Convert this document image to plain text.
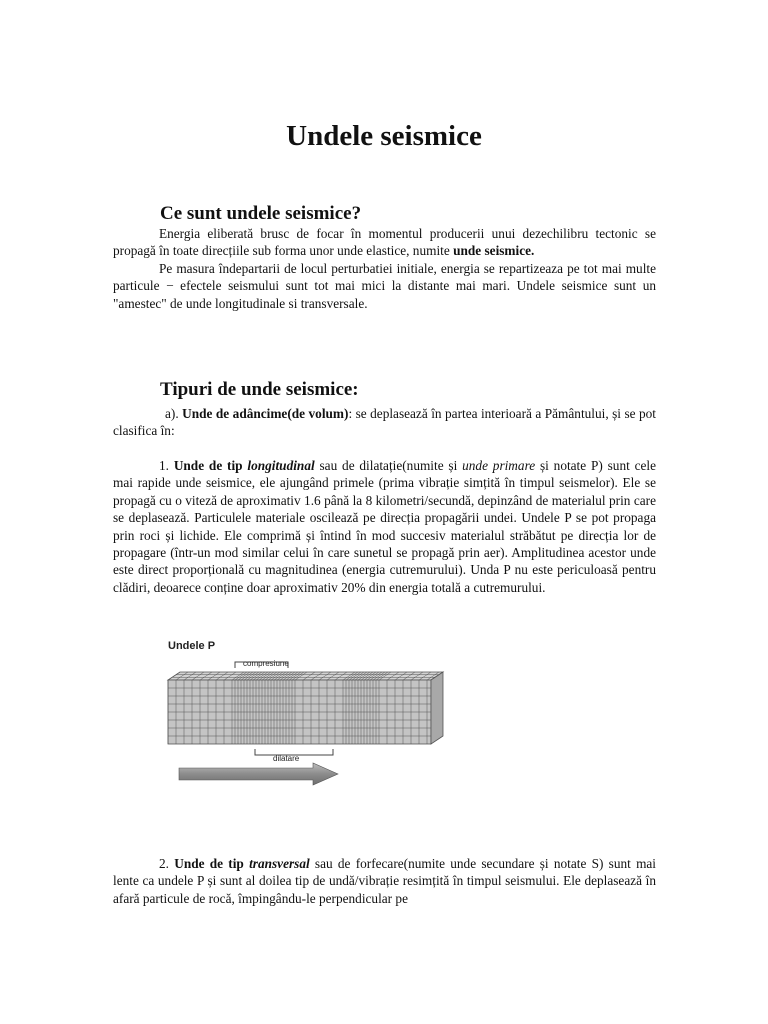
Undele seismice
Ce sunt undele seismice?

Energia eliberată brusc de focar în momentul producerii unui dezechilibru tectonic se propagă în toate direcțiile sub forma unor unde elastice, numite unde seismice.

Pe masura îndepartarii de locul perturbatiei initiale, energia se repartizeaza pe tot mai multe particule − efectele seismului sunt tot mai mici la distante mai mari. Undele seismice sunt un "amestec" de unde longitudinale si transversale.

Tipuri de unde seismice:

a). Unde de adâncime(de volum): se deplasează în partea interioară a Pământului, și se pot clasifica în:

1. Unde de tip longitudinal sau de dilatație(numite și unde primare și notate P) sunt cele mai rapide unde seismice, ele ajungând primele (prima vibrație simțită în timpul seismelor). Ele se propagă cu o viteză de aproximativ 1.6 până la 8 kilometri/secundă, depinzând de materialul prin care se deplasează. Particulele materiale oscilează pe direcția propagării undei. Undele P se pot propaga prin roci și lichide. Ele comprimă și întind în mod succesiv materialul străbătut pe direcția lor de propagare (într-un mod similar celui în care sunetul se propagă prin aer). Amplitudinea acestor unde este direct proporțională cu magnitudinea (energia cutremurului). Unda P nu este periculoasă pentru clădiri, deoarece conține doar aproximativ 20% din energia totală a cutremurului.

Undele P
compresiune
dilatare

2. Unde de tip transversal sau de forfecare(numite unde secundare și notate S) sunt mai lente ca undele P și sunt al doilea tip de undă/vibrație resimțită în timpul seismului. Ele deplasează în afară particule de rocă, împingându-le perpendicular pe
